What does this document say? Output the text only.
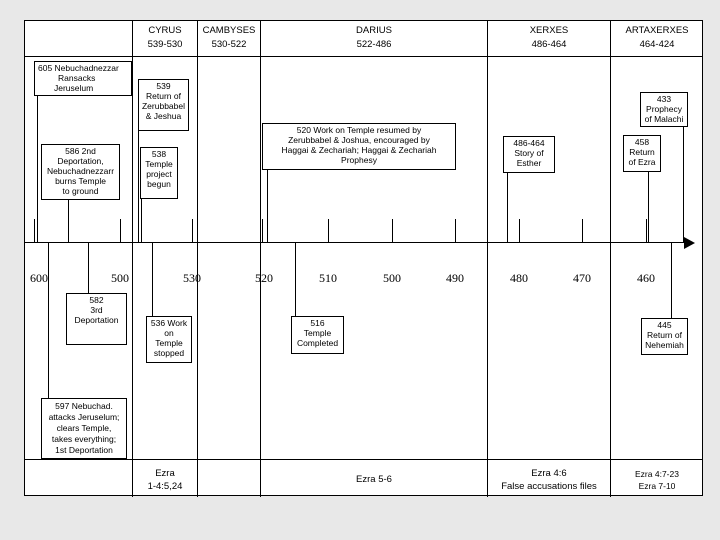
CYRUS
539-530
CAMBYSES
530-522
DARIUS
522-486
XERXES
486-464
ARTAXERXES
464-424
600	500	530	520	510	500	490	480	470	460
605 Nebuchadnezzar
Ransacks
Jeruselum
586 2nd
Deportation,
Nebuchadnezzarr
burns Temple
to ground
539
Return of
Zerubbabel
& Jeshua
538
Temple
project
begun
520 Work on Temple resumed by
Zerubbabel & Joshua, encouraged by
Haggai & Zechariah; Haggai & Zechariah
Prophesy
486-464
Story of
Esther
433
Prophecy
of Malachi
458
Return
of Ezra
582
3rd
Deportation	536 Work
on
Temple
stopped
516
Temple
Completed
445
Return of
Nehemiah
597 Nebuchad.
attacks Jeruselum;
clears Temple,
takes everything;
1st Deportation
Ezra
1-4:5,24
Ezra 5-6
Ezra 4:6
False accusations files
Ezra 4:7-23
Ezra 7-10
